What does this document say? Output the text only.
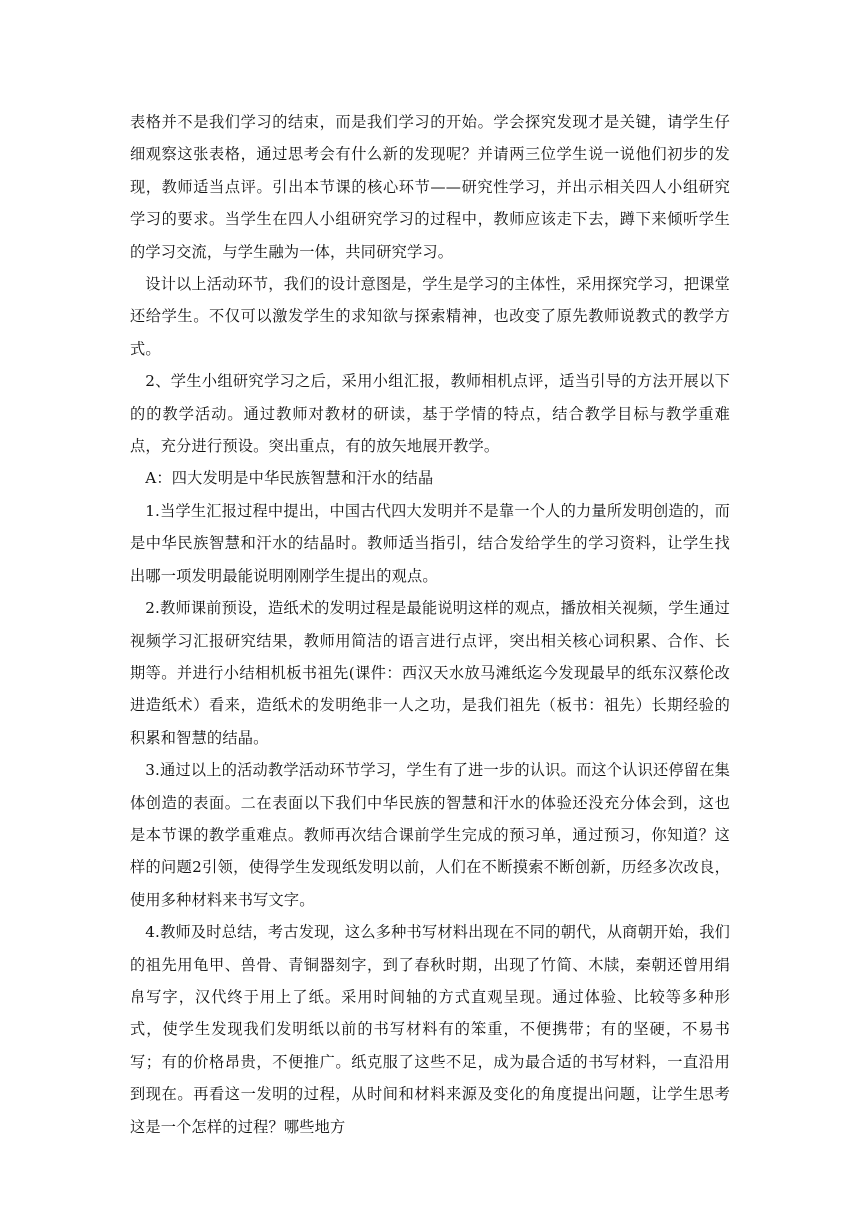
表格并不是我们学习的结束，而是我们学习的开始。学会探究发现才是关键，请学生仔细观察这张表格，通过思考会有什么新的发现呢？并请两三位学生说一说他们初步的发现，教师适当点评。引出本节课的核心环节——研究性学习，并出示相关四人小组研究学习的要求。当学生在四人小组研究学习的过程中，教师应该走下去，蹲下来倾听学生的学习交流，与学生融为一体，共同研究学习。

设计以上活动环节，我们的设计意图是，学生是学习的主体性，采用探究学习，把课堂还给学生。不仅可以激发学生的求知欲与探索精神，也改变了原先教师说教式的教学方式。

2、学生小组研究学习之后，采用小组汇报，教师相机点评，适当引导的方法开展以下的的教学活动。通过教师对教材的研读，基于学情的特点，结合教学目标与教学重难点，充分进行预设。突出重点，有的放矢地展开教学。

A：四大发明是中华民族智慧和汗水的结晶

1.当学生汇报过程中提出，中国古代四大发明并不是靠一个人的力量所发明创造的，而是中华民族智慧和汗水的结晶时。教师适当指引，结合发给学生的学习资料，让学生找出哪一项发明最能说明刚刚学生提出的观点。

2.教师课前预设，造纸术的发明过程是最能说明这样的观点，播放相关视频，学生通过视频学习汇报研究结果，教师用简洁的语言进行点评，突出相关核心词积累、合作、长期等。并进行小结相机板书祖先(课件：西汉天水放马滩纸迄今发现最早的纸东汉蔡伦改进造纸术）看来，造纸术的发明绝非一人之功，是我们祖先（板书：祖先）长期经验的积累和智慧的结晶。

3.通过以上的活动教学活动环节学习，学生有了进一步的认识。而这个认识还停留在集体创造的表面。二在表面以下我们中华民族的智慧和汗水的体验还没充分体会到，这也是本节课的教学重难点。教师再次结合课前学生完成的预习单，通过预习，你知道？这样的问题2引领，使得学生发现纸发明以前，人们在不断摸索不断创新，历经多次改良，使用多种材料来书写文字。

4.教师及时总结，考古发现，这么多种书写材料出现在不同的朝代，从商朝开始，我们的祖先用龟甲、兽骨、青铜器刻字，到了春秋时期，出现了竹简、木牍，秦朝还曾用绢帛写字，汉代终于用上了纸。采用时间轴的方式直观呈现。通过体验、比较等多种形式，使学生发现我们发明纸以前的书写材料有的笨重，不便携带；有的坚硬，不易书写；有的价格昂贵，不便推广。纸克服了这些不足，成为最合适的书写材料，一直沿用到现在。再看这一发明的过程，从时间和材料来源及变化的角度提出问题，让学生思考这是一个怎样的过程？哪些地方
